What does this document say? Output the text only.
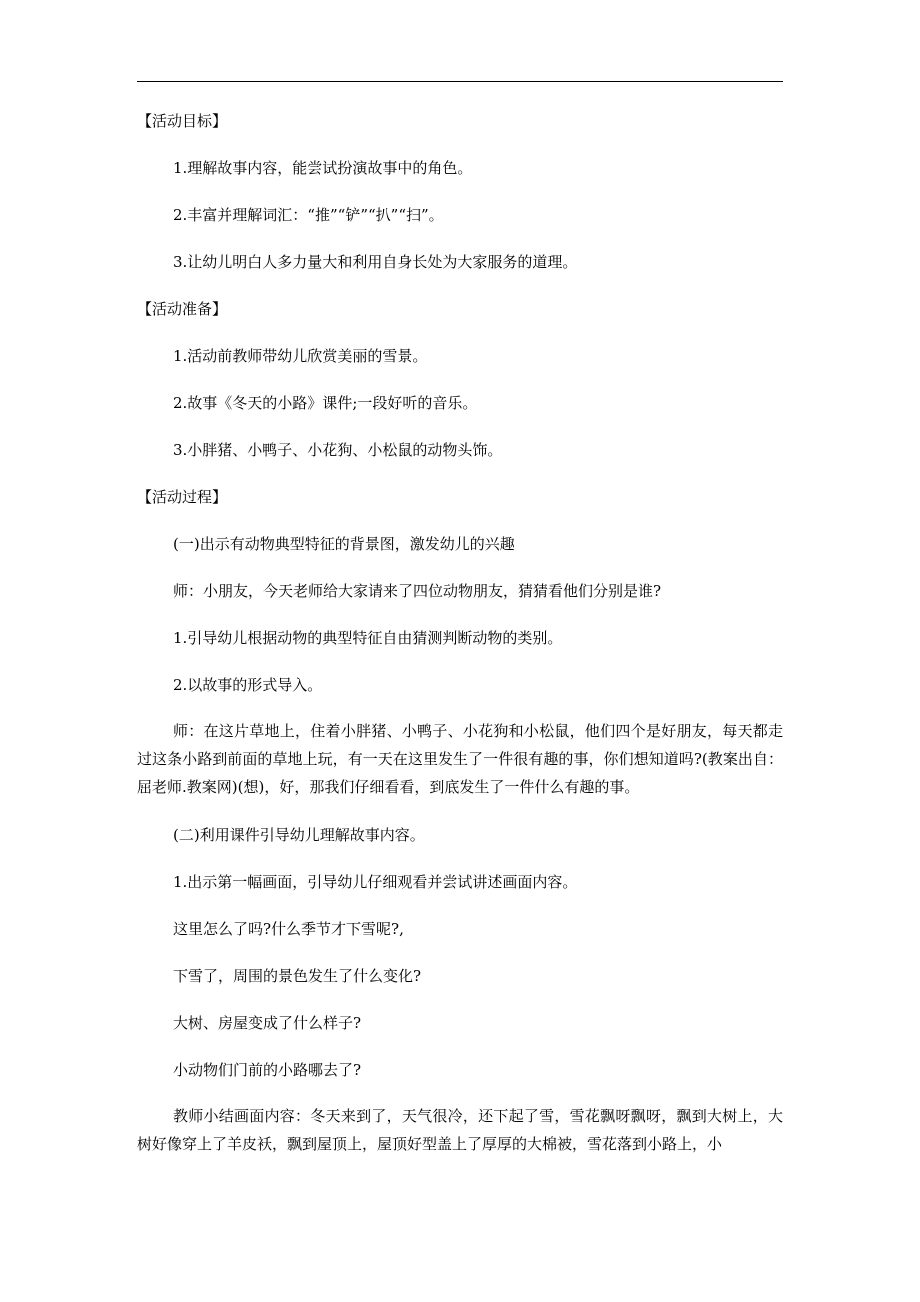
【活动目标】
1.理解故事内容，能尝试扮演故事中的角色。
2.丰富并理解词汇：“推”“铲”“扒”“扫”。
3.让幼儿明白人多力量大和利用自身长处为大家服务的道理。
【活动准备】
1.活动前教师带幼儿欣赏美丽的雪景。
2.故事《冬天的小路》课件;一段好听的音乐。
3.小胖猪、小鸭子、小花狗、小松鼠的动物头饰。
【活动过程】
(一)出示有动物典型特征的背景图，激发幼儿的兴趣
师：小朋友，今天老师给大家请来了四位动物朋友，猜猜看他们分别是谁?
1.引导幼儿根据动物的典型特征自由猜测判断动物的类别。
2.以故事的形式导入。
师：在这片草地上，住着小胖猪、小鸭子、小花狗和小松鼠，他们四个是好朋友，每天都走过这条小路到前面的草地上玩，有一天在这里发生了一件很有趣的事，你们想知道吗?(教案出自：屈老师.教案网)(想)，好，那我们仔细看看，到底发生了一件什么有趣的事。
(二)利用课件引导幼儿理解故事内容。
1.出示第一幅画面，引导幼儿仔细观看并尝试讲述画面内容。
这里怎么了吗?什么季节才下雪呢?,
下雪了，周围的景色发生了什么变化?
大树、房屋变成了什么样子?
小动物们门前的小路哪去了?
教师小结画面内容：冬天来到了，天气很冷，还下起了雪，雪花飘呀飘呀，飘到大树上，大树好像穿上了羊皮袄，飘到屋顶上，屋顶好型盖上了厚厚的大棉被，雪花落到小路上，小
